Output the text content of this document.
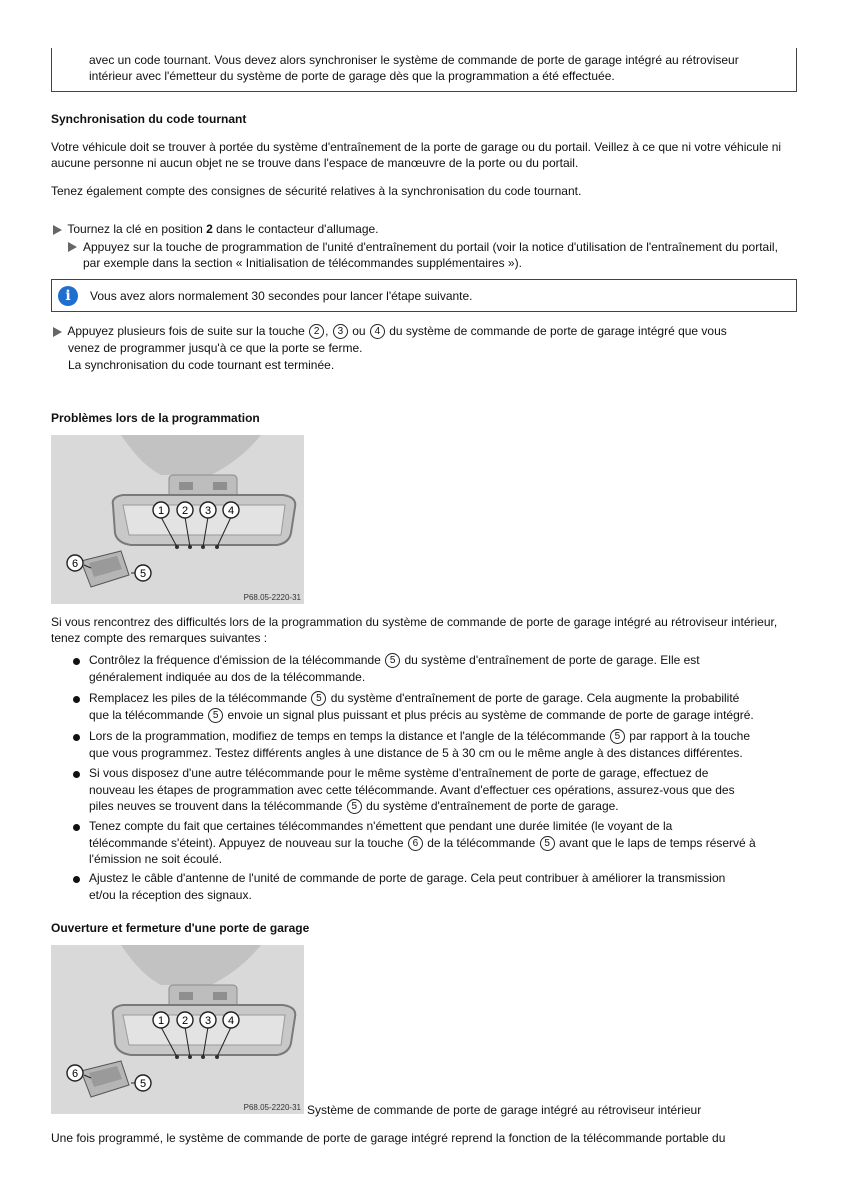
avec un code tournant. Vous devez alors synchroniser le système de commande de porte de garage intégré au rétroviseur
intérieur avec l'émetteur du système de porte de garage dès que la programmation a été effectuée.
Synchronisation du code tournant
Votre véhicule doit se trouver à portée du système d'entraînement de la porte de garage ou du portail. Veillez à ce que ni votre véhicule ni aucune personne ni aucun objet ne se trouve dans l'espace de manœuvre de la porte ou du portail.
Tenez également compte des consignes de sécurité relatives à la synchronisation du code tournant.
Tournez la clé en position 2 dans le contacteur d'allumage.
Appuyez sur la touche de programmation de l'unité d'entraînement du portail (voir la notice d'utilisation de l'entraînement du portail, par exemple dans la section « Initialisation de télécommandes supplémentaires »).
i	Vous avez alors normalement 30 secondes pour lancer l'étape suivante.
Appuyez plusieurs fois de suite sur la touche 2 , 3 ou 4 du système de commande de porte de garage intégré que vous
venez de programmer jusqu'à ce que la porte se ferme.
La synchronisation du code tournant est terminée.
Problèmes lors de la programmation
1 2 3 4
6
5
P68.05-2220-31
Si vous rencontrez des difficultés lors de la programmation du système de commande de porte de garage intégré au rétroviseur intérieur, tenez compte des remarques suivantes :
Contrôlez la fréquence d'émission de la télécommande 5 du système d'entraînement de porte de garage. Elle est
généralement indiquée au dos de la télécommande.
Remplacez les piles de la télécommande 5 du système d'entraînement de porte de garage. Cela augmente la probabilité
que la télécommande 5 envoie un signal plus puissant et plus précis au système de commande de porte de garage intégré.
Lors de la programmation, modifiez de temps en temps la distance et l'angle de la télécommande 5 par rapport à la touche
que vous programmez. Testez différents angles à une distance de 5 à 30 cm ou le même angle à des distances différentes.
Si vous disposez d'une autre télécommande pour le même système d'entraînement de porte de garage, effectuez de
nouveau les étapes de programmation avec cette télécommande. Avant d'effectuer ces opérations, assurez-vous que des
piles neuves se trouvent dans la télécommande 5 du système d'entraînement de porte de garage.
Tenez compte du fait que certaines télécommandes n'émettent que pendant une durée limitée (le voyant de la
télécommande s'éteint). Appuyez de nouveau sur la touche 6 de la télécommande 5 avant que le laps de temps réservé à
l'émission ne soit écoulé.
Ajustez le câble d'antenne de l'unité de commande de porte de garage. Cela peut contribuer à améliorer la transmission
et/ou la réception des signaux.
Ouverture et fermeture d'une porte de garage
1 2 3 4
6
5
P68.05-2220-31 Système de commande de porte de garage intégré au rétroviseur intérieur
Une fois programmé, le système de commande de porte de garage intégré reprend la fonction de la télécommande portable du
